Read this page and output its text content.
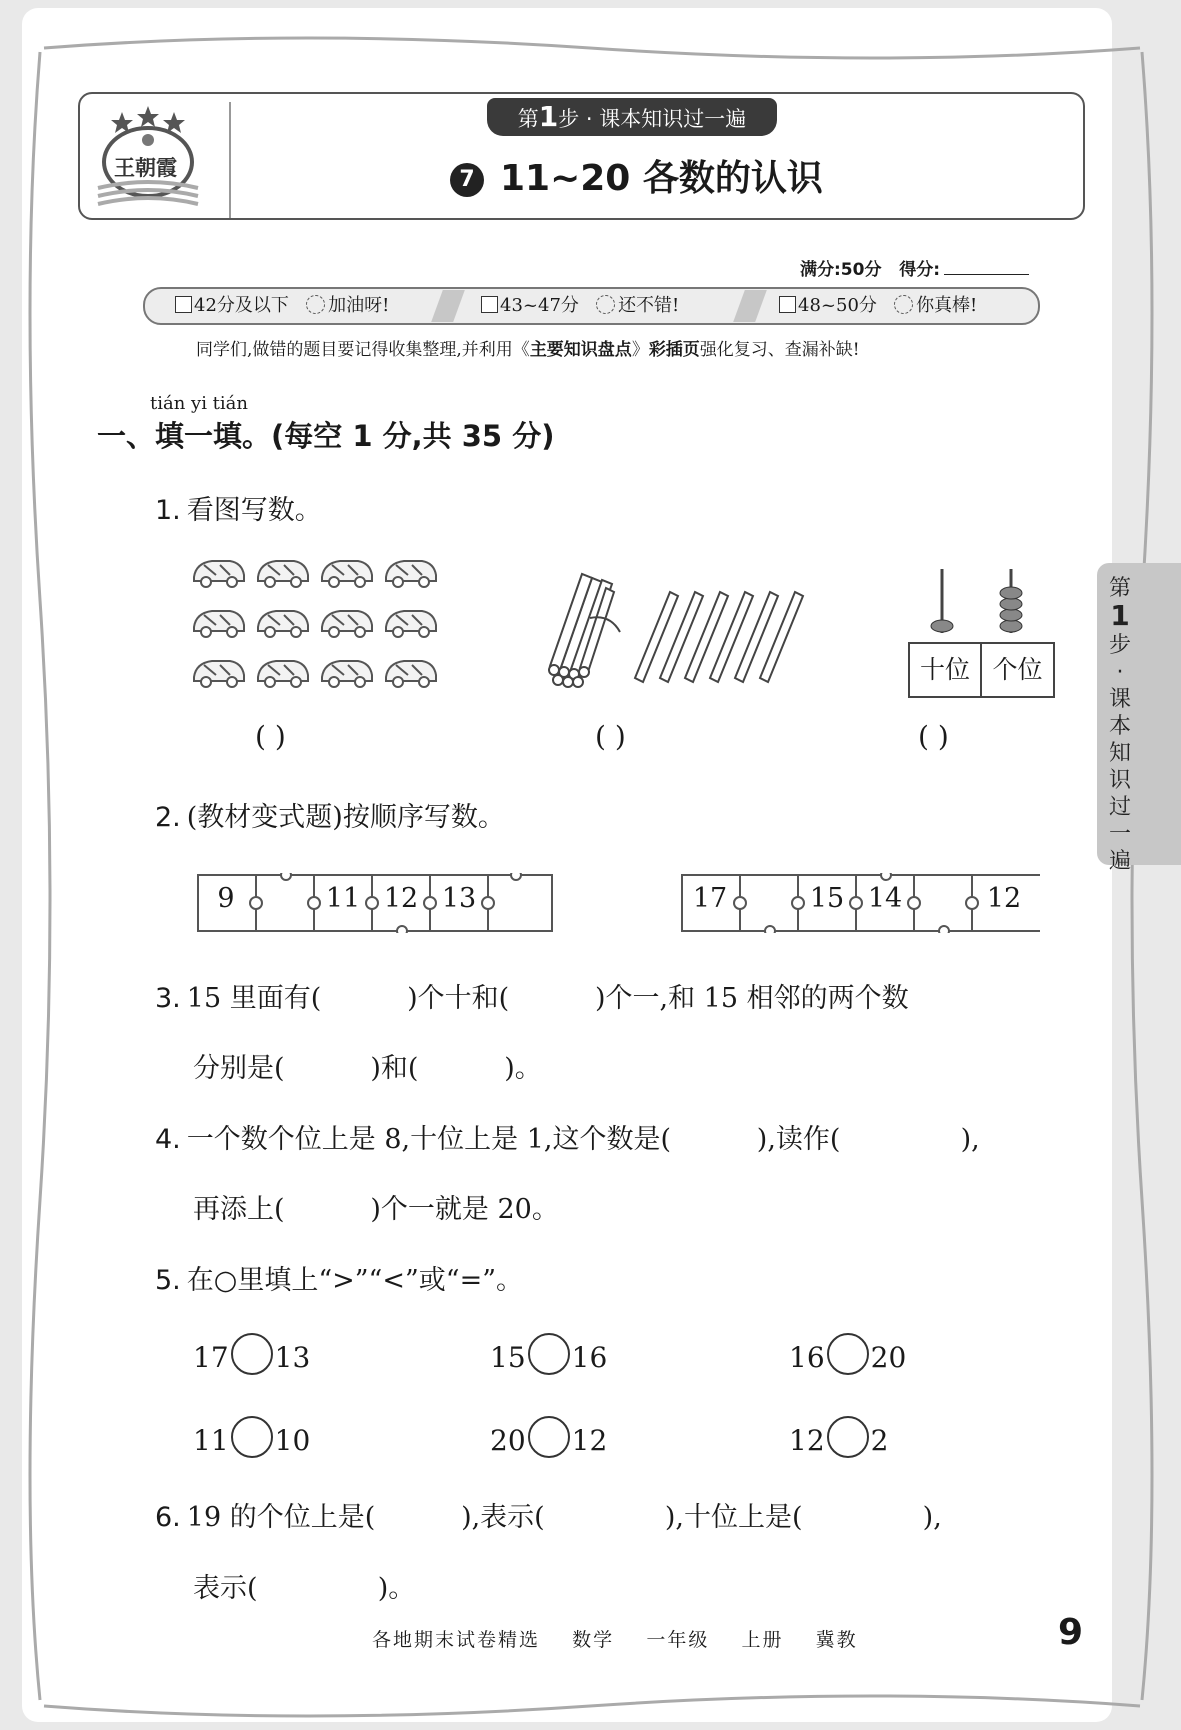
王朝霞
第1步 · 课本知识过一遍
7 11~20 各数的认识
满分:50分 得分:
42分及以下 加油呀!	43~47分 还不错!	48~50分 你真棒!
同学们,做错的题目要记得收集整理,并利用《主要知识盘点》彩插页强化复习、查漏补缺!
tián yi tián
一、填一填。(每空 1 分,共 35 分)
1. 看图写数。
十位 个位
( )	( )	( )
2. (教材变式题)按顺序写数。
9	11 12 13	17	15 14	12
3. 15 里面有(          )个十和(          )个一,和 15 相邻的两个数
分别是(          )和(          )。
4. 一个数个位上是 8,十位上是 1,这个数是(          ),读作(              ),
再添上(          )个一就是 20。
5. 在○里填上“>”“<”或“=”。
17 13	15 16	16 20
11 10	20 12	12 2
6. 19 的个位上是(          ),表示(              ),十位上是(              ),
表示(              )。
第
1

步·课本知识过一遍
各地期末试卷精选    数学    一年级    上册    冀教	9
